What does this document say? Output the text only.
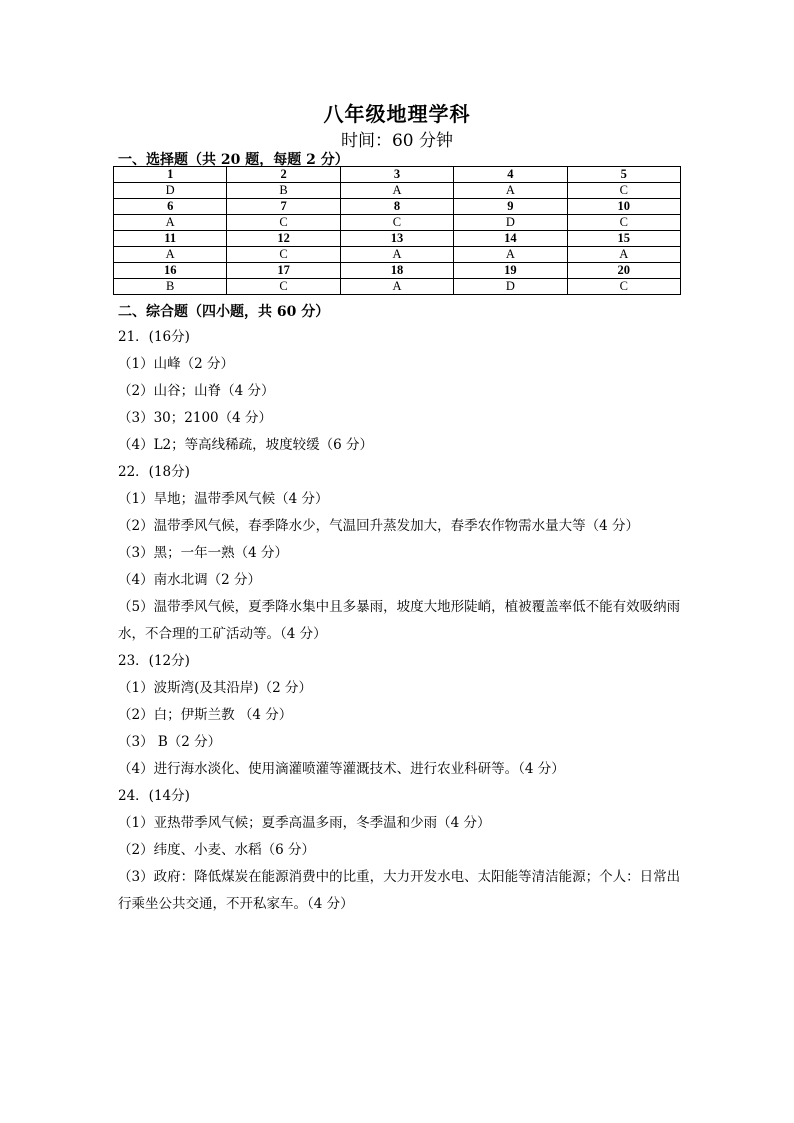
八年级地理学科
时间：60 分钟
一、选择题（共 20 题，每题 2 分）
1	2	3	4	5
D	B	A	A	C
6	7	8	9	10
A	C	C	D	C
11	12	13	14	15
A	C	A	A	A
16	17	18	19	20
B	C	A	D	C
二、综合题（四小题，共 60 分）
21．(16分)
（1）山峰（2 分）
（2）山谷；山脊（4 分）
（3）30；2100（4 分）
（4）L2；等高线稀疏，坡度较缓（6 分）
22．(18分)
（1）旱地；温带季风气候（4 分）
（2）温带季风气候，春季降水少，气温回升蒸发加大，春季农作物需水量大等（4 分）
（3）黑；一年一熟（4 分）
（4）南水北调（2 分）
（5）温带季风气候，夏季降水集中且多暴雨，坡度大地形陡峭，植被覆盖率低不能有效吸纳雨水，不合理的工矿活动等。（4 分）
23．(12分)
（1）波斯湾(及其沿岸)（2 分）
（2）白；伊斯兰教 （4 分）
（3） B（2 分）
（4）进行海水淡化、使用滴灌喷灌等灌溉技术、进行农业科研等。（4 分）
24．(14分)
（1）亚热带季风气候；夏季高温多雨，冬季温和少雨（4 分）
（2）纬度、小麦、水稻（6 分）
（3）政府：降低煤炭在能源消费中的比重，大力开发水电、太阳能等清洁能源；个人：日常出行乘坐公共交通，不开私家车。（4 分）
